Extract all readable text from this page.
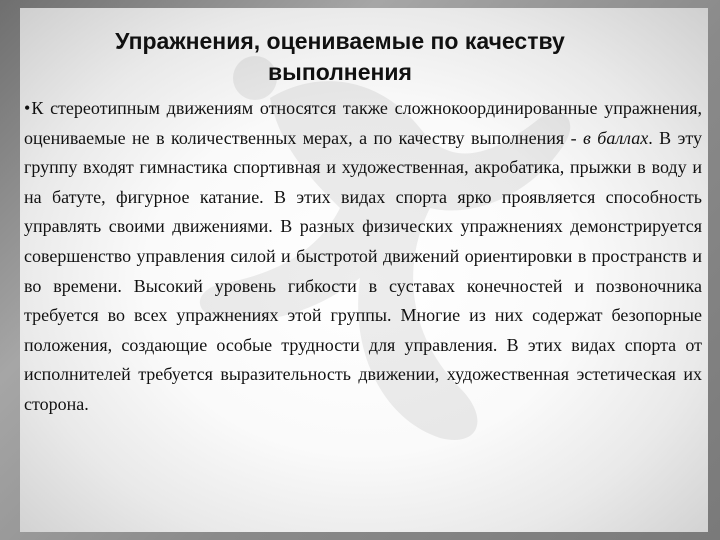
Упражнения, оцениваемые по качеству выполнения

•К стереотипным движениям относятся также сложнокоординированные упражнения, оцениваемые не в количественных мерах, а по качеству выполнения - в баллах. В эту группу входят гимнастика спортивная и художественная, акробатика, прыжки в воду и на батуте, фигурное катание. В этих видах спорта ярко проявляется способность управлять своими движениями. В разных физических упражнениях демонстрируется совершенство управления силой и быстротой движений ориентировки в пространств и во времени. Высокий уровень гибкости в суставах конечностей и позвоночника требуется во всех упражнениях этой группы. Многие из них содержат безопорные положения, создающие особые трудности для управления. В этих видах спорта от исполнителей требуется выразительность движении, художественная эстетическая их сторона.
